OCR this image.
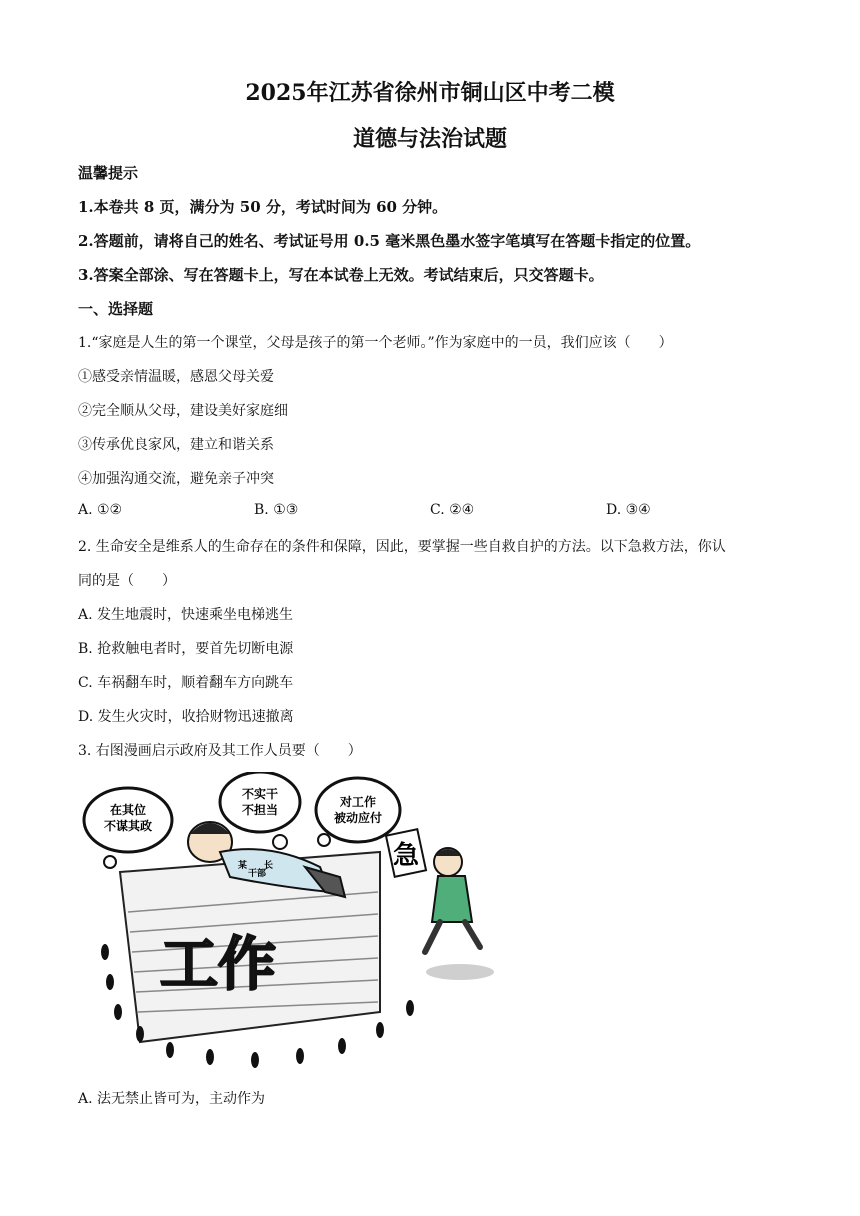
2025年江苏省徐州市铜山区中考二模
道德与法治试题
温馨提示
1.本卷共 8 页，满分为 50 分，考试时间为 60 分钟。
2.答题前，请将自己的姓名、考试证号用 0.5 毫米黑色墨水签字笔填写在答题卡指定的位置。
3.答案全部涂、写在答题卡上，写在本试卷上无效。考试结束后，只交答题卡。
一、选择题
1.“家庭是人生的第一个课堂，父母是孩子的第一个老师。”作为家庭中的一员，我们应该（　　）
①感受亲情温暖，感恩父母关爱
②完全顺从父母，建设美好家庭细
③传承优良家风，建立和谐关系
④加强沟通交流，避免亲子冲突
A. ①②	B. ①③	C. ②④	D. ③④
2. 生命安全是维系人的生命存在的条件和保障，因此，要掌握一些自救自护的方法。以下急救方法，你认
同的是（　　）
A. 发生地震时，快速乘坐电梯逃生
B. 抢救触电者时，要首先切断电源
C. 车祸翻车时，顺着翻车方向跳车
D. 发生火灾时，收拾财物迅速撤离
3. 右图漫画启示政府及其工作人员要（　　）
在其位
不谋其政
不实干
不担当
对工作
被动应付
工作
某
干部
长	急
A. 法无禁止皆可为，主动作为
